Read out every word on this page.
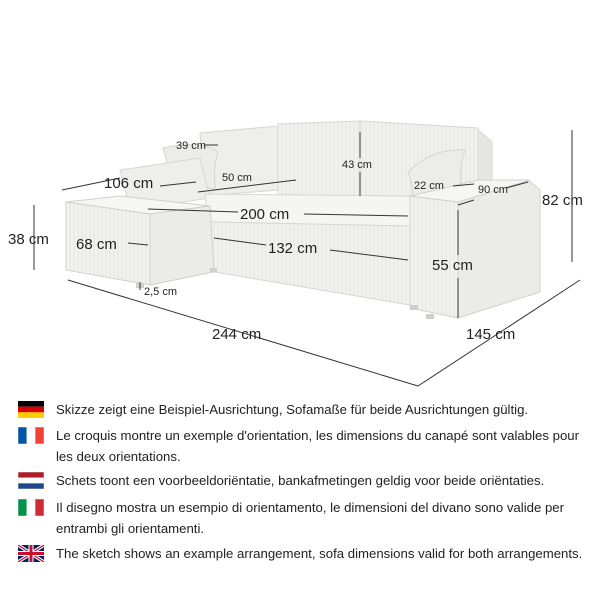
244 cm	145 cm
82 cm
106 cm
38 cm 68 cm
39 cm
50 cm
200 cm
132 cm
43 cm
22 cm	90 cm
55 cm
2,5 cm
Skizze zeigt eine Beispiel-Ausrichtung, Sofamaße für beide Ausrichtungen gültig.
Le croquis montre un exemple d'orientation, les dimensions du canapé sont valables pour les deux orientations.
Schets toont een voorbeeldoriëntatie, bankafmetingen geldig voor beide oriëntaties.
Il disegno mostra un esempio di orientamento, le dimensioni del divano sono valide per entrambi gli orientamenti.
The sketch shows an example arrangement, sofa dimensions valid for both arrangements.
